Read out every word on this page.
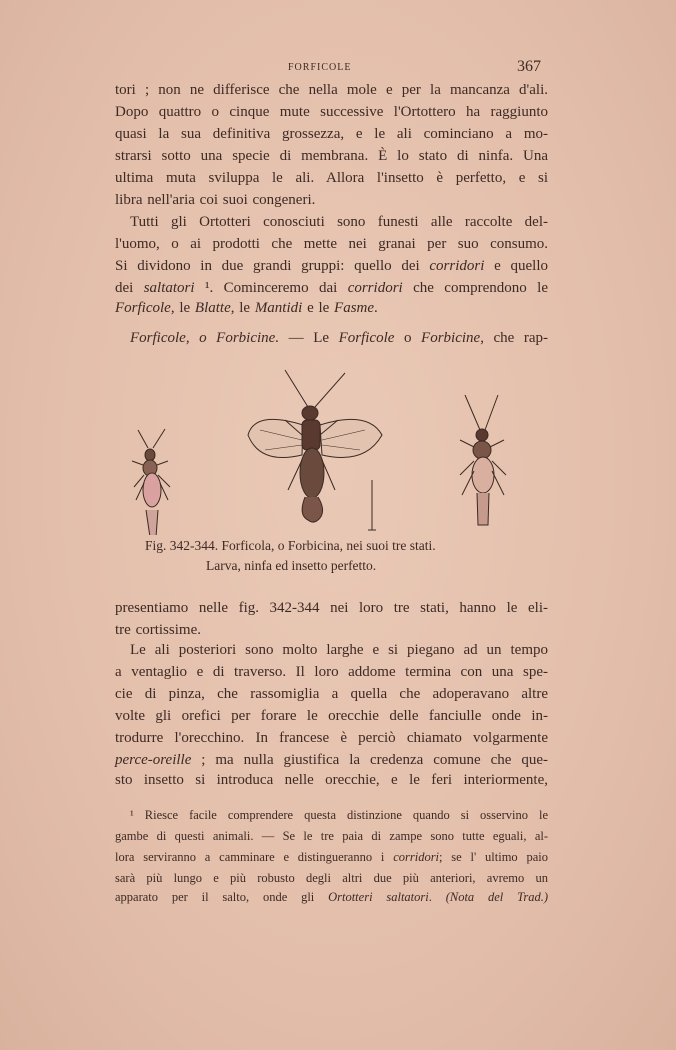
FORFICOLE	367
tori ; non ne differisce che nella mole e per la mancanza d'ali.
Dopo quattro o cinque mute successive l'Ortottero ha raggiunto
quasi la sua definitiva grossezza, e le ali cominciano a mo-
strarsi sotto una specie di membrana. È lo stato di ninfa. Una
ultima muta sviluppa le ali. Allora l'insetto è perfetto, e si
libra nell'aria coi suoi congeneri.
Tutti gli Ortotteri conosciuti sono funesti alle raccolte del-
l'uomo, o ai prodotti che mette nei granai per suo consumo.
Si dividono in due grandi gruppi: quello dei corridori e quello
dei saltatori ¹. Cominceremo dai corridori che comprendono le
Forficole, le Blatte, le Mantidi e le Fasme.
Forficole, o Forbicine. — Le Forficole o Forbicine, che rap-
presentiamo nelle fig. 342-344 nei loro tre stati, hanno le eli-
tre cortissime.
Le ali posteriori sono molto larghe e si piegano ad un tempo
a ventaglio e di traverso. Il loro addome termina con una spe-
cie di pinza, che rassomiglia a quella che adoperavano altre
volte gli orefici per forare le orecchie delle fanciulle onde in-
trodurre l'orecchino. In francese è perciò chiamato volgarmente
perce-oreille ; ma nulla giustifica la credenza comune che que-
sto insetto si introduca nelle orecchie, e le feri interiormente,
Fig. 342-344. Forficola, o Forbicina, nei suoi tre stati.
Larva, ninfa ed insetto perfetto.
¹ Riesce facile comprendere questa distinzione quando si osservino le
gambe di questi animali. — Se le tre paia di zampe sono tutte eguali, al-
lora serviranno a camminare e distingueranno i corridori; se l' ultimo paio
sarà più lungo e più robusto degli altri due più anteriori, avremo un
apparato per il salto, onde gli Ortotteri saltatori. (Nota del Trad.)
